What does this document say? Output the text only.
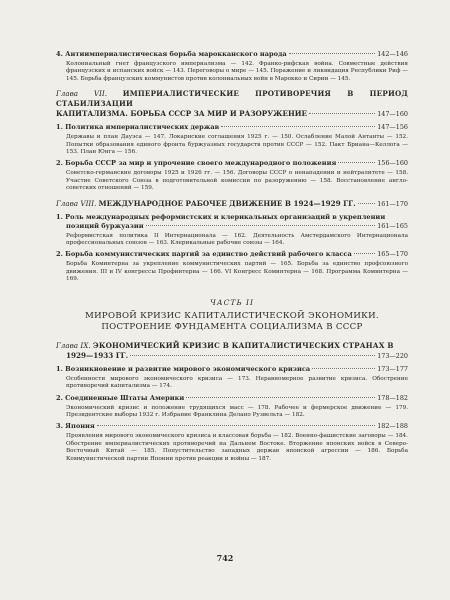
4. Антиимпериалистическая борьба марокканского народа	142—146
Колониальный гнет французского империализма — 142. Франко-рифская война. Совместные действия французских и испанских войск — 143. Переговоры о мире — 145. Поражение и ликвидация Республики Риф — 145. Борьба французских коммунистов против колониальных войн в Марокко и Сирии — 145.
Глава VII. ИМПЕРИАЛИСТИЧЕСКИЕ ПРОТИВОРЕЧИЯ В ПЕРИОД СТАБИЛИЗАЦИИ
КАПИТАЛИЗМА. БОРЬБА СССР ЗА МИР И РАЗОРУЖЕНИЕ	147—160
1. Политика империалистических держав	147—156
Державы и план Дауэса — 147. Локарнские соглашения 1925 г. — 150. Ослабление Малой Антанты — 152. Попытки образования единого фронта буржуазных государств против СССР — 152. Пакт Бриана—Келлога — 153. План Юнга — 156.
2. Борьба СССР за мир и упрочение своего международного положения	156—160
Советско-германские договоры 1925 и 1926 гг. — 156. Договоры СССР о ненападении и нейтралитете — 158. Участие Советского Союза в подготовительной комиссии по разоружению — 158. Восстановление англо-советских отношений — 159.
Глава VIII. МЕЖДУНАРОДНОЕ РАБОЧЕЕ ДВИЖЕНИЕ В 1924—1929 ГГ.	161—170
1. Роль международных реформистских и клерикальных организаций в укреплении
позиций буржуазии	161—165
Реформистская политика II Интернационала — 162. Деятельность Амстердамского Интернационала профессиональных союзов — 163. Клерикальные рабочие союзы — 164.
2. Борьба коммунистических партий за единство действий рабочего класса	165—170
Борьба Коминтерна за укрепление коммунистических партий — 165. Борьба за единство профсоюзного движения. III и IV конгрессы Профинтерна — 166. VI Конгресс Коминтерна — 168. Программа Коминтерна — 169.
ЧАСТЬ II
МИРОВОЙ КРИЗИС КАПИТАЛИСТИЧЕСКОЙ ЭКОНОМИКИ.
ПОСТРОЕНИЕ ФУНДАМЕНТА СОЦИАЛИЗМА В СССР
Глава IX. ЭКОНОМИЧЕСКИЙ КРИЗИС В КАПИТАЛИСТИЧЕСКИХ СТРАНАХ В
1929—1933 ГГ.	173—220
1. Возникновение и развитие мирового экономического кризиса	173—177
Особенности мирового экономического кризиса — 173. Неравномерное развитие кризиса. Обострение противоречий капитализма — 174.
2. Соединенные Штаты Америки	178—182
Экономический кризис и положение трудящихся масс — 178. Рабочее и фермерское движение — 179. Президентские выборы 1932 г. Избрание Франклина Делано Рузвельта — 182.
3. Япония	182—188
Проявления мирового экономического кризиса и классовая борьба — 182. Военно-фашистские заговоры — 184. Обострение империалистических противоречий на Дальнем Востоке. Вторжение японских войск в Северо-Восточный Китай — 185. Попустительство западных держав японской агрессии — 186. Борьба Коммунистической партии Японии против реакции и войны — 187.
742
